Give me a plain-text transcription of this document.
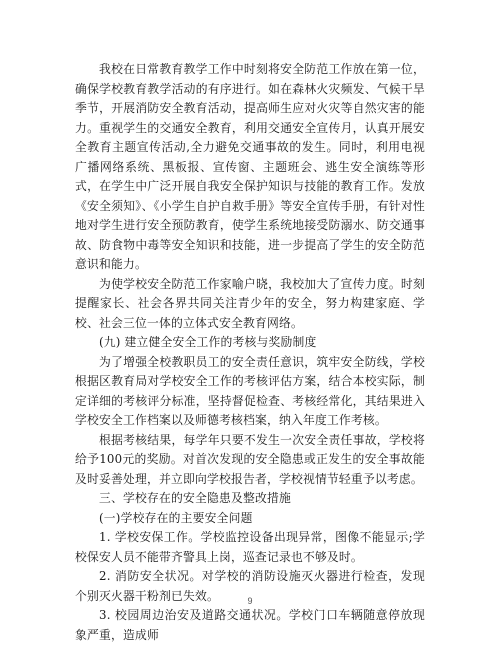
我校在日常教育教学工作中时刻将安全防范工作放在第一位，确保学校教育教学活动的有序进行。如在森林火灾频发、气候干旱季节，开展消防安全教育活动，提高师生应对火灾等自然灾害的能力。重视学生的交通安全教育，利用交通安全宣传月，认真开展安全教育主题宣传活动,全力避免交通事故的发生。同时，利用电视广播网络系统、黑板报、宣传窗、主题班会、逃生安全演练等形式，在学生中广泛开展自我安全保护知识与技能的教育工作。发放《安全须知》、《小学生自护自救手册》等安全宣传手册，有针对性地对学生进行安全预防教育，使学生系统地接受防溺水、防交通事故、防食物中毒等安全知识和技能，进一步提高了学生的安全防范意识和能力。

为使学校安全防范工作家喻户晓，我校加大了宣传力度。时刻提醒家长、社会各界共同关注青少年的安全，努力构建家庭、学校、社会三位一体的立体式安全教育网络。

(九) 建立健全安全工作的考核与奖励制度

为了增强全校教职员工的安全责任意识，筑牢安全防线，学校根据区教育局对学校安全工作的考核评估方案，结合本校实际，制定详细的考核评分标准，坚持督促检查、考核经常化，其结果进入学校安全工作档案以及师德考核档案，纳入年度工作考核。

根据考核结果，每学年只要不发生一次安全责任事故，学校将给予100元的奖励。对首次发现的安全隐患或正发生的安全事故能及时妥善处理，并立即向学校报告者，学校视情节轻重予以考虑。

三、学校存在的安全隐患及整改措施

(一)学校存在的主要安全问题

1. 学校安保工作。学校监控设备出现异常，图像不能显示;学校保安人员不能带齐警具上岗，巡查记录也不够及时。

2. 消防安全状况。对学校的消防设施灭火器进行检查，发现个别灭火器干粉剂已失效。

3. 校园周边治安及道路交通状况。学校门口车辆随意停放现象严重，造成师

9
